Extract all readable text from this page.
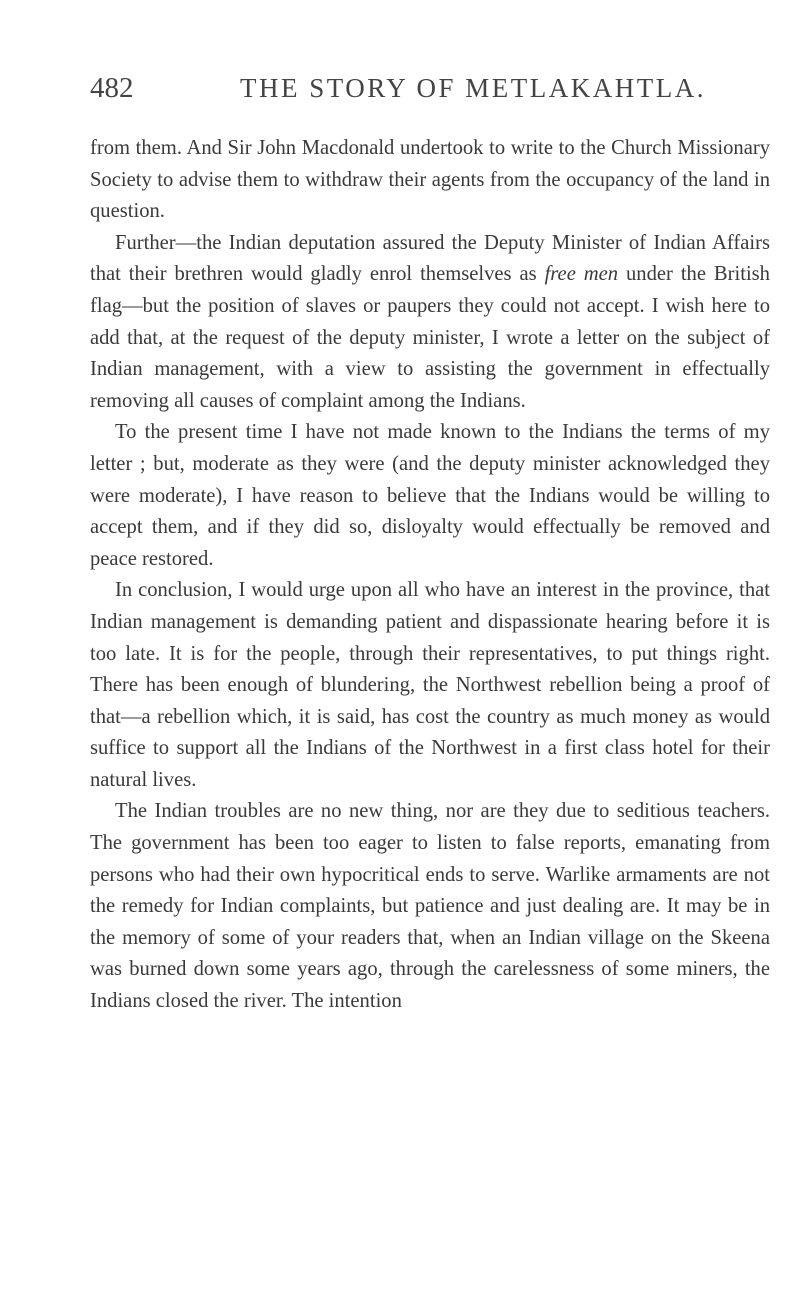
482	THE STORY OF METLAKAHTLA.

from them. And Sir John Macdonald undertook to write to the Church Missionary Society to advise them to withdraw their agents from the occupancy of the land in question.

Further—the Indian deputation assured the Deputy Minister of Indian Affairs that their brethren would gladly enrol themselves as free men under the British flag—but the position of slaves or paupers they could not accept. I wish here to add that, at the request of the deputy minister, I wrote a letter on the subject of Indian management, with a view to assisting the government in effectually removing all causes of complaint among the Indians.

To the present time I have not made known to the Indians the terms of my letter ; but, moderate as they were (and the deputy minister acknowledged they were moderate), I have reason to believe that the Indians would be willing to accept them, and if they did so, disloyalty would effectually be removed and peace restored.

In conclusion, I would urge upon all who have an interest in the province, that Indian management is demanding patient and dispassionate hearing before it is too late. It is for the people, through their representatives, to put things right. There has been enough of blundering, the Northwest rebellion being a proof of that—a rebellion which, it is said, has cost the country as much money as would suffice to support all the Indians of the Northwest in a first class hotel for their natural lives.

The Indian troubles are no new thing, nor are they due to seditious teachers. The government has been too eager to listen to false reports, emanating from persons who had their own hypocritical ends to serve. Warlike armaments are not the remedy for Indian complaints, but patience and just dealing are. It may be in the memory of some of your readers that, when an Indian village on the Skeena was burned down some years ago, through the carelessness of some miners, the Indians closed the river. The intention
